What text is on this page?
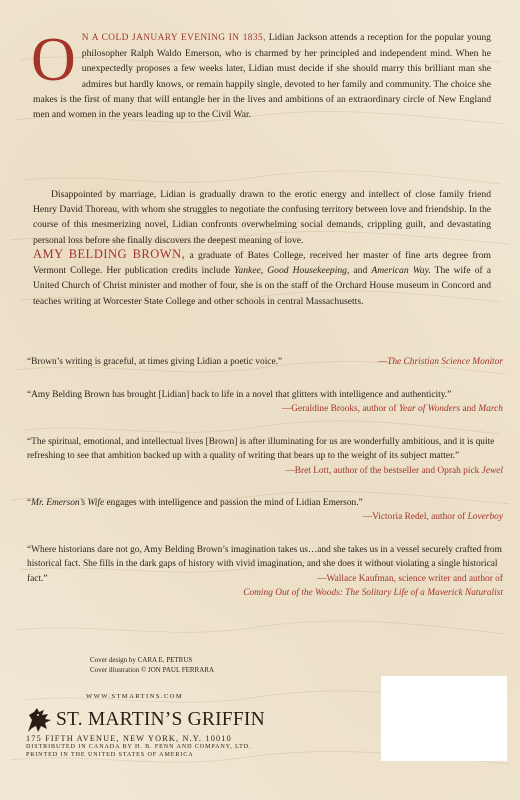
O N A COLD JANUARY EVENING IN 1835, Lidian Jackson attends a reception for the popular young philosopher Ralph Waldo Emerson, who is charmed by her principled and independent mind. When he unexpectedly proposes a few weeks later, Lidian must decide if she should marry this brilliant man she admires but hardly knows, or remain happily single, devoted to her family and community. The choice she makes is the first of many that will entangle her in the lives and ambitions of an extraordinary circle of New England men and women in the years leading up to the Civil War.

Disappointed by marriage, Lidian is gradually drawn to the erotic energy and intellect of close family friend Henry David Thoreau, with whom she struggles to negotiate the confusing territory between love and friendship. In the course of this mesmerizing novel, Lidian confronts overwhelming social demands, crippling guilt, and devastating personal loss before she finally discovers the deepest meaning of love.

AMY BELDING BROWN, a graduate of Bates College, received her master of fine arts degree from Vermont College. Her publication credits include Yankee, Good Housekeeping, and American Way. The wife of a United Church of Christ minister and mother of four, she is on the staff of the Orchard House museum in Concord and teaches writing at Worcester State College and other schools in central Massachusetts.

—The Christian Science Monitor
“Brown’s writing is graceful, at times giving Lidian a poetic voice.”
“Amy Belding Brown has brought [Lidian] back to life in a novel that glitters with intelligence and authenticity.”
—Geraldine Brooks, author of Year of Wonders and March
“The spiritual, emotional, and intellectual lives [Brown] is after illuminating for us are wonderfully ambitious, and it is quite refreshing to see that ambition backed up with a quality of writing that bears up to the weight of its subject matter.”
—Bret Lott, author of the bestseller and Oprah pick Jewel
“Mr. Emerson’s Wife engages with intelligence and passion the mind of Lidian Emerson.”
—Victoria Redel, author of Loverboy
“Where historians dare not go, Amy Belding Brown’s imagination takes us…and she takes us in a vessel securely crafted from historical fact. She fills in the dark gaps of history with vivid imagination, and she does it without violating a single historical fact.”	—Wallace Kaufman, science writer and author of
Coming Out of the Woods: The Solitary Life of a Maverick Naturalist
Cover design by CARA E. PETRUS
Cover illustration © JON PAUL FERRARA
WWW.STMARTINS.COM
ST. MARTIN’S GRIFFIN
175 FIFTH AVENUE, NEW YORK, N.Y. 10010
DISTRIBUTED IN CANADA BY H. B. FENN AND COMPANY, LTD.
PRINTED IN THE UNITED STATES OF AMERICA
